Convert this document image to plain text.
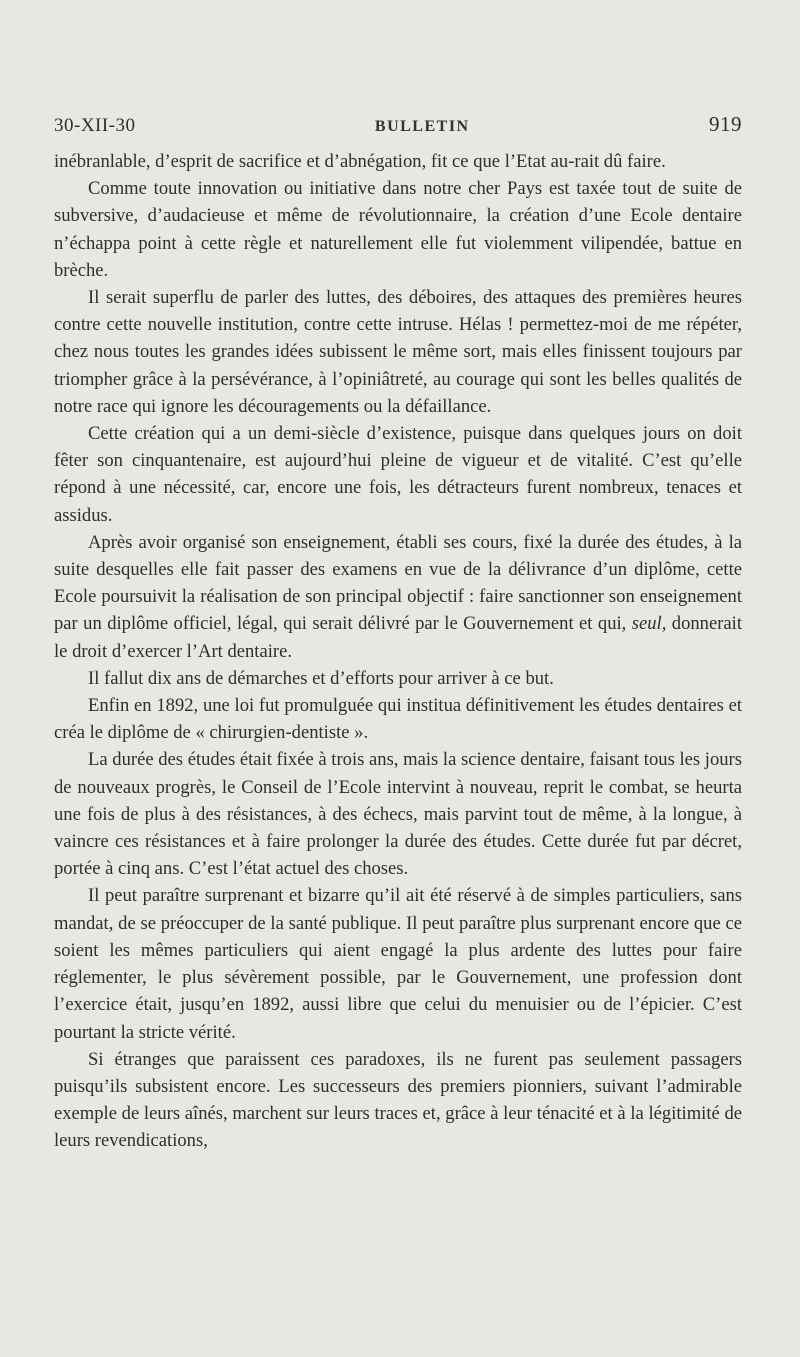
30-XII-30	BULLETIN	919

inébranlable, d’esprit de sacrifice et d’abnégation, fit ce que l’Etat au-rait dû faire.

Comme toute innovation ou initiative dans notre cher Pays est taxée tout de suite de subversive, d’audacieuse et même de révolutionnaire, la création d’une Ecole dentaire n’échappa point à cette règle et naturellement elle fut violemment vilipendée, battue en brèche.

Il serait superflu de parler des luttes, des déboires, des attaques des premières heures contre cette nouvelle institution, contre cette intruse. Hélas ! permettez-moi de me répéter, chez nous toutes les grandes idées subissent le même sort, mais elles finissent toujours par triompher grâce à la persévérance, à l’opiniâtreté, au courage qui sont les belles qualités de notre race qui ignore les découragements ou la défaillance.

Cette création qui a un demi-siècle d’existence, puisque dans quelques jours on doit fêter son cinquantenaire, est aujourd’hui pleine de vigueur et de vitalité. C’est qu’elle répond à une nécessité, car, encore une fois, les détracteurs furent nombreux, tenaces et assidus.

Après avoir organisé son enseignement, établi ses cours, fixé la durée des études, à la suite desquelles elle fait passer des examens en vue de la délivrance d’un diplôme, cette Ecole poursuivit la réalisation de son principal objectif : faire sanctionner son enseignement par un diplôme officiel, légal, qui serait délivré par le Gouvernement et qui, seul, donnerait le droit d’exercer l’Art dentaire.

Il fallut dix ans de démarches et d’efforts pour arriver à ce but.

Enfin en 1892, une loi fut promulguée qui institua définitivement les études dentaires et créa le diplôme de « chirurgien-dentiste ».

La durée des études était fixée à trois ans, mais la science dentaire, faisant tous les jours de nouveaux progrès, le Conseil de l’Ecole intervint à nouveau, reprit le combat, se heurta une fois de plus à des résistances, à des échecs, mais parvint tout de même, à la longue, à vaincre ces résistances et à faire prolonger la durée des études. Cette durée fut par décret, portée à cinq ans. C’est l’état actuel des choses.

Il peut paraître surprenant et bizarre qu’il ait été réservé à de simples particuliers, sans mandat, de se préoccuper de la santé publique. Il peut paraître plus surprenant encore que ce soient les mêmes particuliers qui aient engagé la plus ardente des luttes pour faire réglementer, le plus sévèrement possible, par le Gouvernement, une profession dont l’exercice était, jusqu’en 1892, aussi libre que celui du menuisier ou de l’épicier. C’est pourtant la stricte vérité.

Si étranges que paraissent ces paradoxes, ils ne furent pas seulement passagers puisqu’ils subsistent encore. Les successeurs des premiers pionniers, suivant l’admirable exemple de leurs aînés, marchent sur leurs traces et, grâce à leur ténacité et à la légitimité de leurs revendications,
